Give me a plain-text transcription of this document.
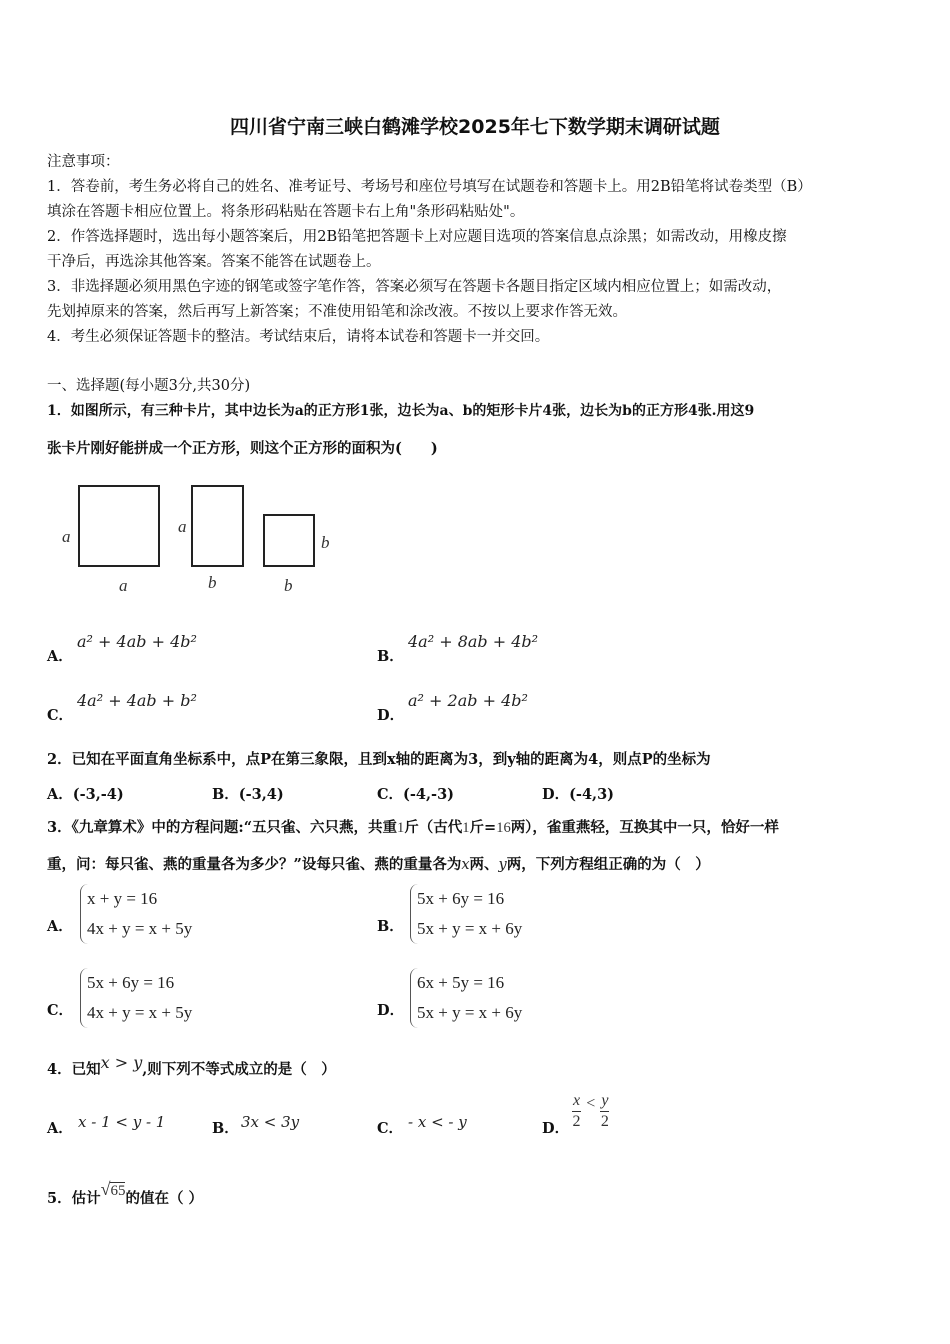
四川省宁南三峡白鹤滩学校2025年七下数学期末调研试题
注意事项：
1．答卷前，考生务必将自己的姓名、准考证号、考场号和座位号填写在试题卷和答题卡上。用2B铅笔将试卷类型（B）
填涂在答题卡相应位置上。将条形码粘贴在答题卡右上角"条形码粘贴处"。
2．作答选择题时，选出每小题答案后，用2B铅笔把答题卡上对应题目选项的答案信息点涂黑；如需改动，用橡皮擦
干净后，再选涂其他答案。答案不能答在试题卷上。
3．非选择题必须用黑色字迹的钢笔或签字笔作答，答案必须写在答题卡各题目指定区域内相应位置上；如需改动，
先划掉原来的答案，然后再写上新答案；不准使用铅笔和涂改液。不按以上要求作答无效。
4．考生必须保证答题卡的整洁。考试结束后，请将本试卷和答题卡一并交回。
一、选择题(每小题3分,共30分)
1．如图所示，有三种卡片，其中边长为a的正方形1张，边长为a、b的矩形卡片4张，边长为b的正方形4张.用这9
张卡片刚好能拼成一个正方形，则这个正方形的面积为(　　)
a
a
a
b	b
b
A．
a² + 4ab + 4b²
B．
4a² + 8ab + 4b²
C．
4a² + 4ab + b²
D．
a² + 2ab + 4b²
2．已知在平面直角坐标系中，点P在第三象限，且到x轴的距离为3，到y轴的距离为4，则点P的坐标为
A．(-3,-4)	B．(-3,4)	C．(-4,-3)	D．(-4,3)
3．《九章算术》中的方程问题:“五只雀、六只燕，共重1斤（古代1斤=16两），雀重燕轻，互换其中一只，恰好一样
重，问：每只雀、燕的重量各为多少？”设每只雀、燕的重量各为x两、y两，下列方程组正确的为（　）
A．
x + y = 16
4x + y = x + 5y	B．
5x + 6y = 16
5x + y = x + 6y
C．
5x + 6y = 16
4x + y = x + 5y	D．
6x + 5y = 16
5x + y = x + 6y
4．已知x > y,则下列不等式成立的是（　）
A． x - 1 < y - 1	B． 3x < 3y	C． - x < - y	D． $\frac{x}{2} < \frac{y}{2}$
5．估计√65的值在（ ）
